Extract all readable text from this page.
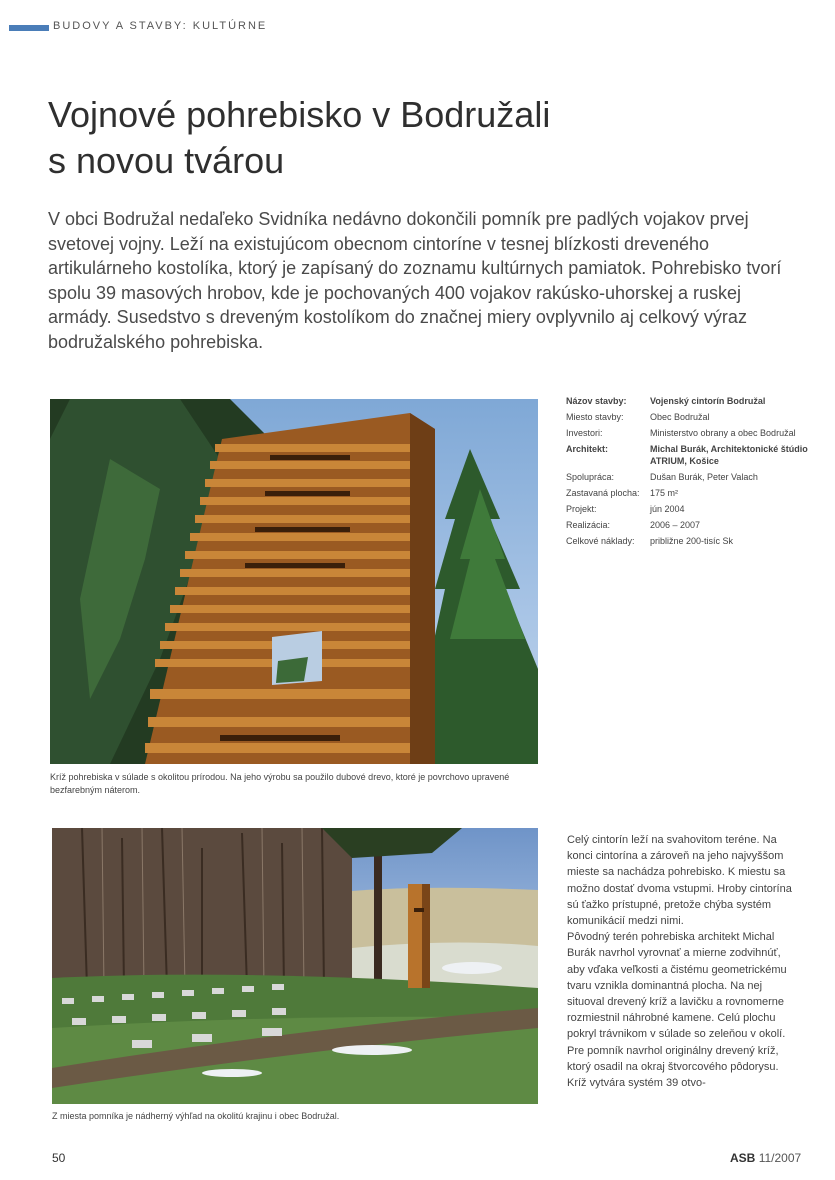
BUDOVY A STAVBY: KULTÚRNE
Vojnové pohrebisko v Bodružali
s novou tvárou

V obci Bodružal nedaľeko Svidníka nedávno dokončili pomník pre padlých vojakov prvej svetovej vojny. Leží na existujúcom obecnom cintoríne v tesnej blízkosti dreveného artikulárneho kostolíka, ktorý je zapísaný do zoznamu kultúrnych pamiatok. Pohrebisko tvorí spolu 39 masových hrobov, kde je pochovaných 400 vojakov rakúsko-uhorskej a ruskej armády. Susedstvo s dreveným kostolíkom do značnej miery ovplyvnilo aj celkový výraz bodružalského pohrebiska.

Kríž pohrebiska v súlade s okolitou prírodou. Na jeho výrobu sa použilo dubové drevo, ktoré je povrchovo upravené bezfarebným náterom.

Názov stavby:	Vojenský cintorín Bodružal
Miesto stavby:	Obec Bodružal
Investori:	Ministerstvo obrany a obec Bodružal
Architekt:	Michal Burák, Architektonické štúdio ATRIUM, Košice
Spolupráca:	Dušan Burák, Peter Valach
Zastavaná plocha:	175 m²
Projekt:	jún 2004
Realizácia:	2006 – 2007
Celkové náklady:	približne 200-tisíc Sk

Z miesta pomníka je nádherný výhľad na okolitú krajinu i obec Bodružal.

Celý cintorín leží na svahovitom teréne. Na konci cintorína a zároveň na jeho najvyššom mieste sa nachádza pohrebisko. K miestu sa možno dostať dvoma vstupmi. Hroby cintorína sú ťažko prístupné, pretože chýba systém komunikácií medzi nimi.

Pôvodný terén pohrebiska architekt Michal Burák navrhol vyrovnať a mierne zodvihnúť, aby vďaka veľkosti a čistému geometrickému tvaru vznikla dominantná plocha. Na nej situoval drevený kríž a lavičku a rovnomerne rozmiestnil náhrobné kamene. Celú plochu pokryl trávnikom v súlade so zeleňou v okolí. Pre pomník navrhol originálny drevený kríž, ktorý osadil na okraj štvorcového pôdorysu. Kríž vytvára systém 39 otvo-

50	ASB 11/2007
